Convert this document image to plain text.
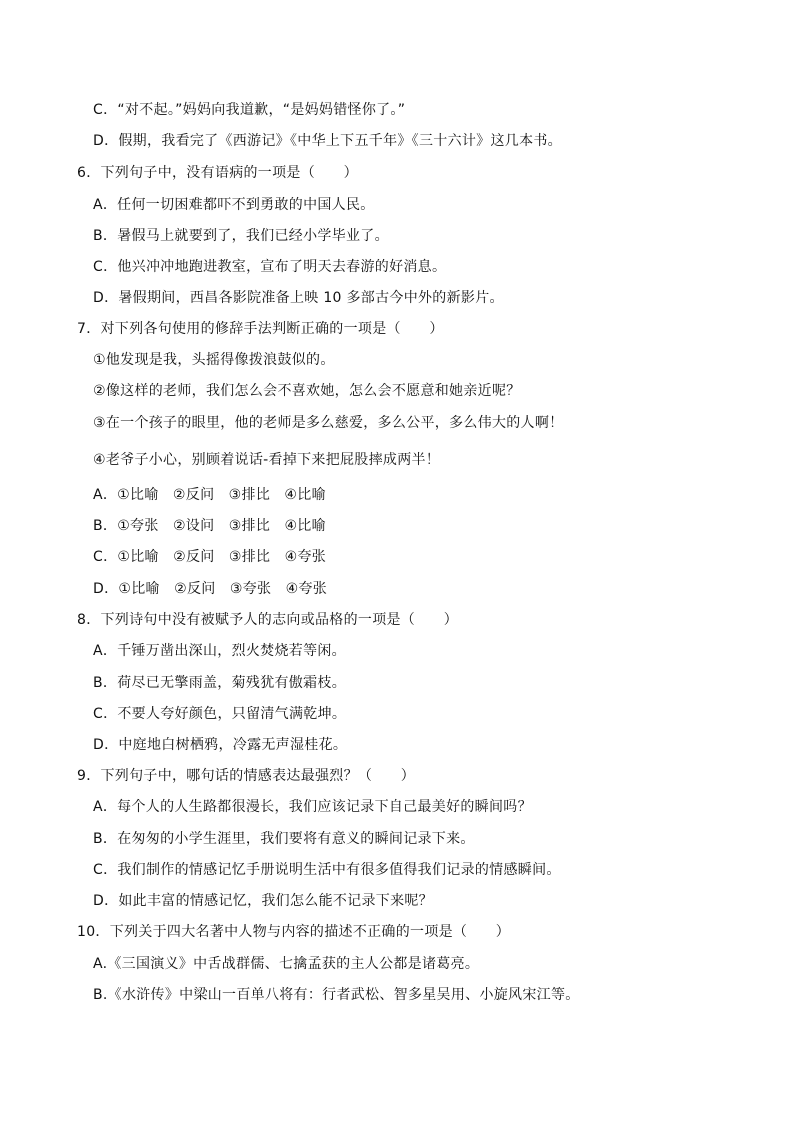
C．“对不起。”妈妈向我道歉，“是妈妈错怪你了。”
D．假期，我看完了《西游记》《中华上下五千年》《三十六计》这几本书。
6．下列句子中，没有语病的一项是（　　）
A．任何一切困难都吓不到勇敢的中国人民。
B．暑假马上就要到了，我们已经小学毕业了。
C．他兴冲冲地跑进教室，宣布了明天去春游的好消息。
D．暑假期间，西昌各影院准备上映 10 多部古今中外的新影片。
7．对下列各句使用的修辞手法判断正确的一项是（　　）
①他发现是我，头摇得像拨浪鼓似的。
②像这样的老师，我们怎么会不喜欢她，怎么会不愿意和她亲近呢？
③在一个孩子的眼里，他的老师是多么慈爱，多么公平，多么伟大的人啊！
④老爷子小心，别顾着说话-看掉下来把屁股摔成两半！
A．①比喻　②反问　③排比　④比喻
B．①夸张　②设问　③排比　④比喻
C．①比喻　②反问　③排比　④夸张
D．①比喻　②反问　③夸张　④夸张
8．下列诗句中没有被赋予人的志向或品格的一项是（　　）
A．千锤万凿出深山，烈火焚烧若等闲。
B．荷尽已无擎雨盖，菊残犹有傲霜枝。
C．不要人夸好颜色，只留清气满乾坤。
D．中庭地白树栖鸦，冷露无声湿桂花。
9．下列句子中，哪句话的情感表达最强烈？（　　）
A．每个人的人生路都很漫长，我们应该记录下自己最美好的瞬间吗？
B．在匆匆的小学生涯里，我们要将有意义的瞬间记录下来。
C．我们制作的情感记忆手册说明生活中有很多值得我们记录的情感瞬间。
D．如此丰富的情感记忆，我们怎么能不记录下来呢？
10．下列关于四大名著中人物与内容的描述不正确的一项是（　　）
A.《三国演义》中舌战群儒、七擒孟获的主人公都是诸葛亮。
B.《水浒传》中梁山一百单八将有：行者武松、智多星吴用、小旋风宋江等。
